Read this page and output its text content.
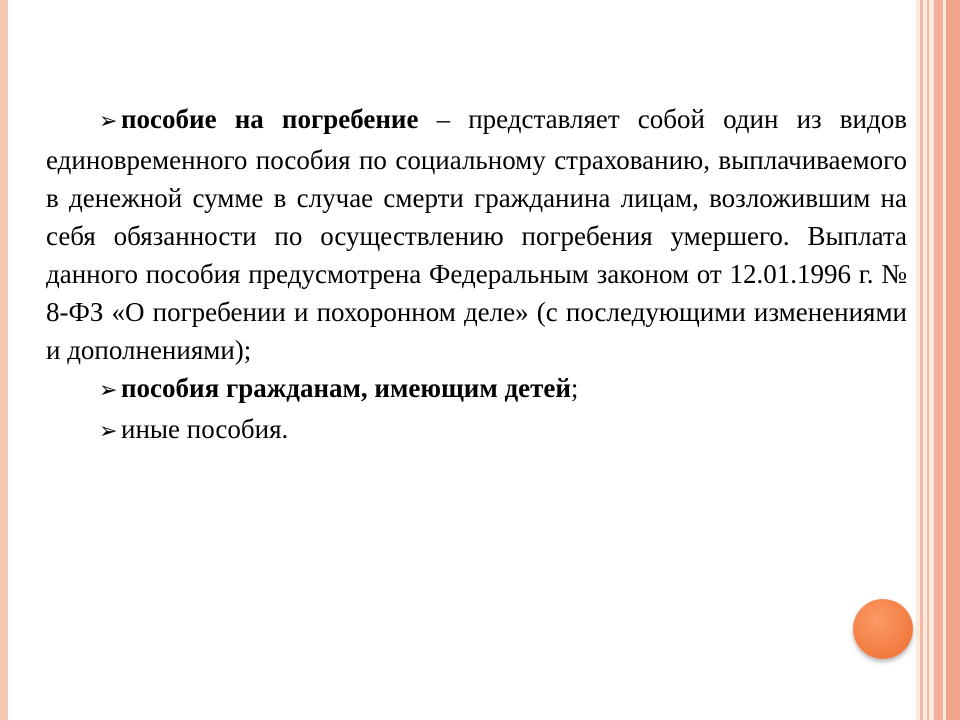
➢ пособие на погребение – представляет собой один из видов единовременного пособия по социальному страхованию, выплачиваемого в денежной сумме в случае смерти гражданина лицам, возложившим на себя обязанности по осуществлению погребения умершего. Выплата данного пособия предусмотрена Федеральным законом от 12.01.1996 г. № 8-ФЗ «О погребении и похоронном деле» (с последующими изменениями и дополнениями);

➢ пособия гражданам, имеющим детей;

➢ иные пособия.
